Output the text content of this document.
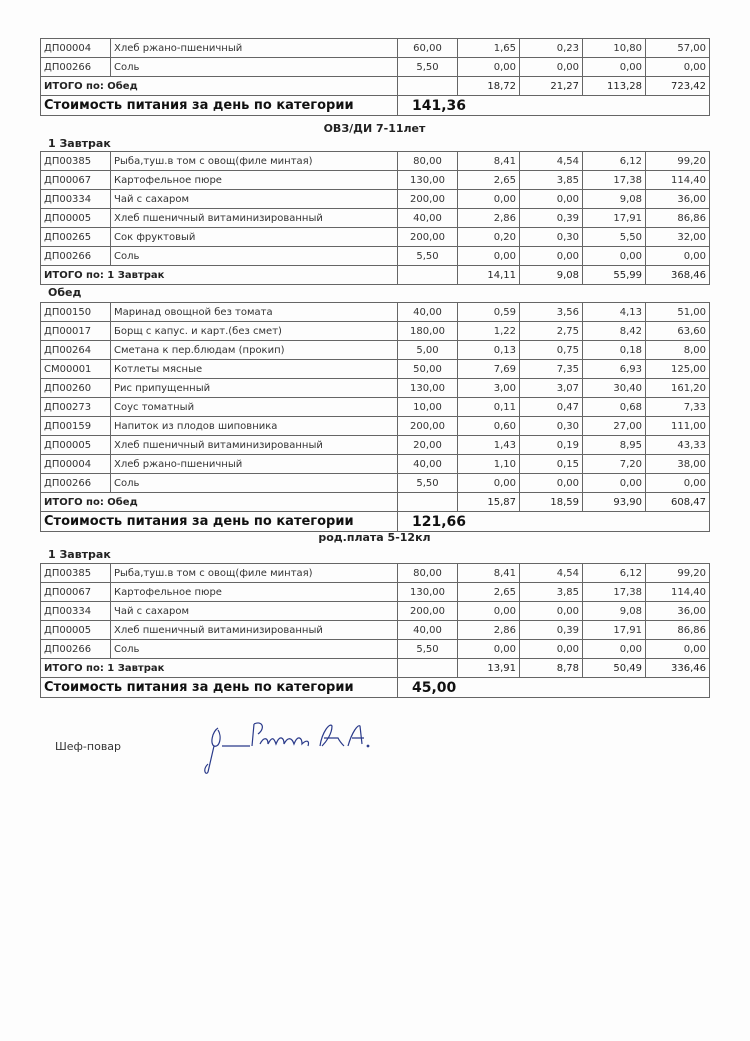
ДП00004	Хлеб ржано-пшеничный	60,00	1,65	0,23	10,80	57,00
ДП00266	Соль	5,50	0,00	0,00	0,00	0,00
ИТОГО по: Обед			18,72	21,27	113,28	723,42
Стоимость питания за день по категории		141,36				
ОВЗ/ДИ 7-11лет
1 Завтрак
ДП00385	Рыба,туш.в том с овощ(филе минтая)	80,00	8,41	4,54	6,12	99,20
ДП00067	Картофельное пюре	130,00	2,65	3,85	17,38	114,40
ДП00334	Чай с сахаром	200,00	0,00	0,00	9,08	36,00
ДП00005	Хлеб пшеничный витаминизированный	40,00	2,86	0,39	17,91	86,86
ДП00265	Сок фруктовый	200,00	0,20	0,30	5,50	32,00
ДП00266	Соль	5,50	0,00	0,00	0,00	0,00
ИТОГО по: 1 Завтрак			14,11	9,08	55,99	368,46
Обед
ДП00150	Маринад овощной без томата	40,00	0,59	3,56	4,13	51,00
ДП00017	Борщ с капус. и карт.(без смет)	180,00	1,22	2,75	8,42	63,60
ДП00264	Сметана к пер.блюдам (прокип)	5,00	0,13	0,75	0,18	8,00
СМ00001	Котлеты мясные	50,00	7,69	7,35	6,93	125,00
ДП00260	Рис припущенный	130,00	3,00	3,07	30,40	161,20
ДП00273	Соус томатный	10,00	0,11	0,47	0,68	7,33
ДП00159	Напиток из плодов шиповника	200,00	0,60	0,30	27,00	111,00
ДП00005	Хлеб пшеничный витаминизированный	20,00	1,43	0,19	8,95	43,33
ДП00004	Хлеб ржано-пшеничный	40,00	1,10	0,15	7,20	38,00
ДП00266	Соль	5,50	0,00	0,00	0,00	0,00
ИТОГО по: Обед			15,87	18,59	93,90	608,47
Стоимость питания за день по категории		121,66				
род.плата 5-12кл
1 Завтрак
ДП00385	Рыба,туш.в том с овощ(филе минтая)	80,00	8,41	4,54	6,12	99,20
ДП00067	Картофельное пюре	130,00	2,65	3,85	17,38	114,40
ДП00334	Чай с сахаром	200,00	0,00	0,00	9,08	36,00
ДП00005	Хлеб пшеничный витаминизированный	40,00	2,86	0,39	17,91	86,86
ДП00266	Соль	5,50	0,00	0,00	0,00	0,00
ИТОГО по: 1 Завтрак			13,91	8,78	50,49	336,46
Стоимость питания за день по категории		45,00				
Шеф-повар
